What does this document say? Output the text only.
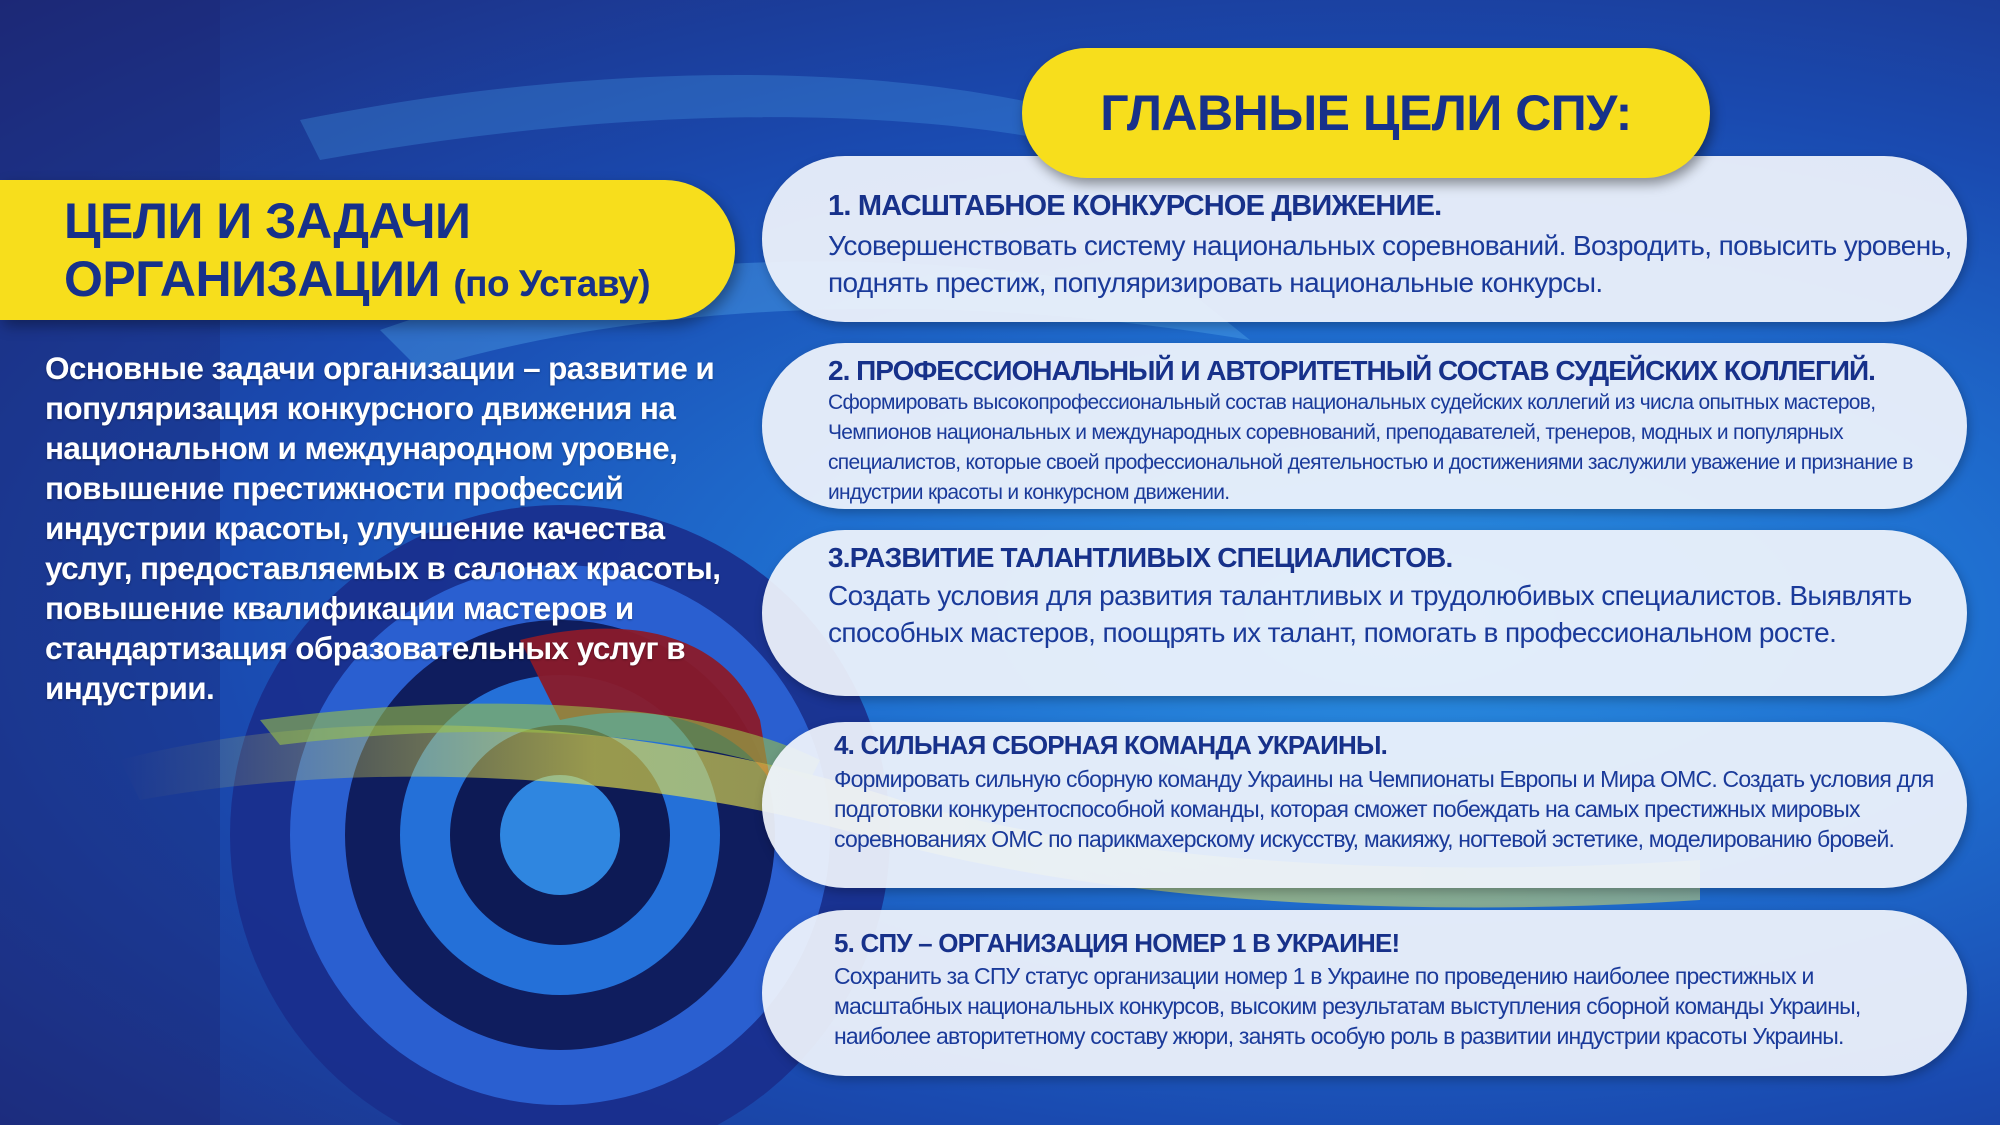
ЦЕЛИ И ЗАДАЧИ
ОРГАНИЗАЦИИ (по Уставу)
Основные задачи организации – развитие и популяризация конкурсного движения на национальном и международном уровне, повышение престижности профессий индустрии красоты, улучшение качества услуг, предоставляемых в салонах красоты, повышение квалификации мастеров и стандартизация образовательных услуг в индустрии.
ГЛАВНЫЕ ЦЕЛИ СПУ:
1. МАСШТАБНОЕ КОНКУРСНОЕ ДВИЖЕНИЕ.
Усовершенствовать систему национальных соревнований. Возродить, повысить уровень, поднять престиж, популяризировать национальные конкурсы.
2. ПРОФЕССИОНАЛЬНЫЙ И АВТОРИТЕТНЫЙ СОСТАВ СУДЕЙСКИХ КОЛЛЕГИЙ.
Сформировать высокопрофессиональный состав национальных судейских коллегий из числа опытных мастеров, Чемпионов национальных и международных соревнований, преподавателей, тренеров, модных и популярных специалистов, которые своей профессиональной деятельностью и достижениями заслужили уважение и признание в индустрии красоты и конкурсном движении.
3.РАЗВИТИЕ ТАЛАНТЛИВЫХ СПЕЦИАЛИСТОВ.
Создать условия для развития талантливых и трудолюбивых специалистов. Выявлять способных мастеров, поощрять их талант, помогать в профессиональном росте.
4. СИЛЬНАЯ СБОРНАЯ КОМАНДА УКРАИНЫ.
Формировать сильную сборную команду Украины на Чемпионаты Европы и Мира ОМС. Создать условия для подготовки конкурентоспособной команды, которая сможет побеждать на самых престижных мировых соревнованиях ОМС по парикмахерскому искусству, макияжу, ногтевой эстетике, моделированию бровей.
5. СПУ – ОРГАНИЗАЦИЯ НОМЕР 1 В УКРАИНЕ!
Сохранить за СПУ статус организации номер 1 в Украине по проведению наиболее престижных и масштабных национальных конкурсов, высоким результатам выступления сборной команды Украины, наиболее авторитетному составу жюри, занять особую роль в развитии индустрии красоты Украины.
